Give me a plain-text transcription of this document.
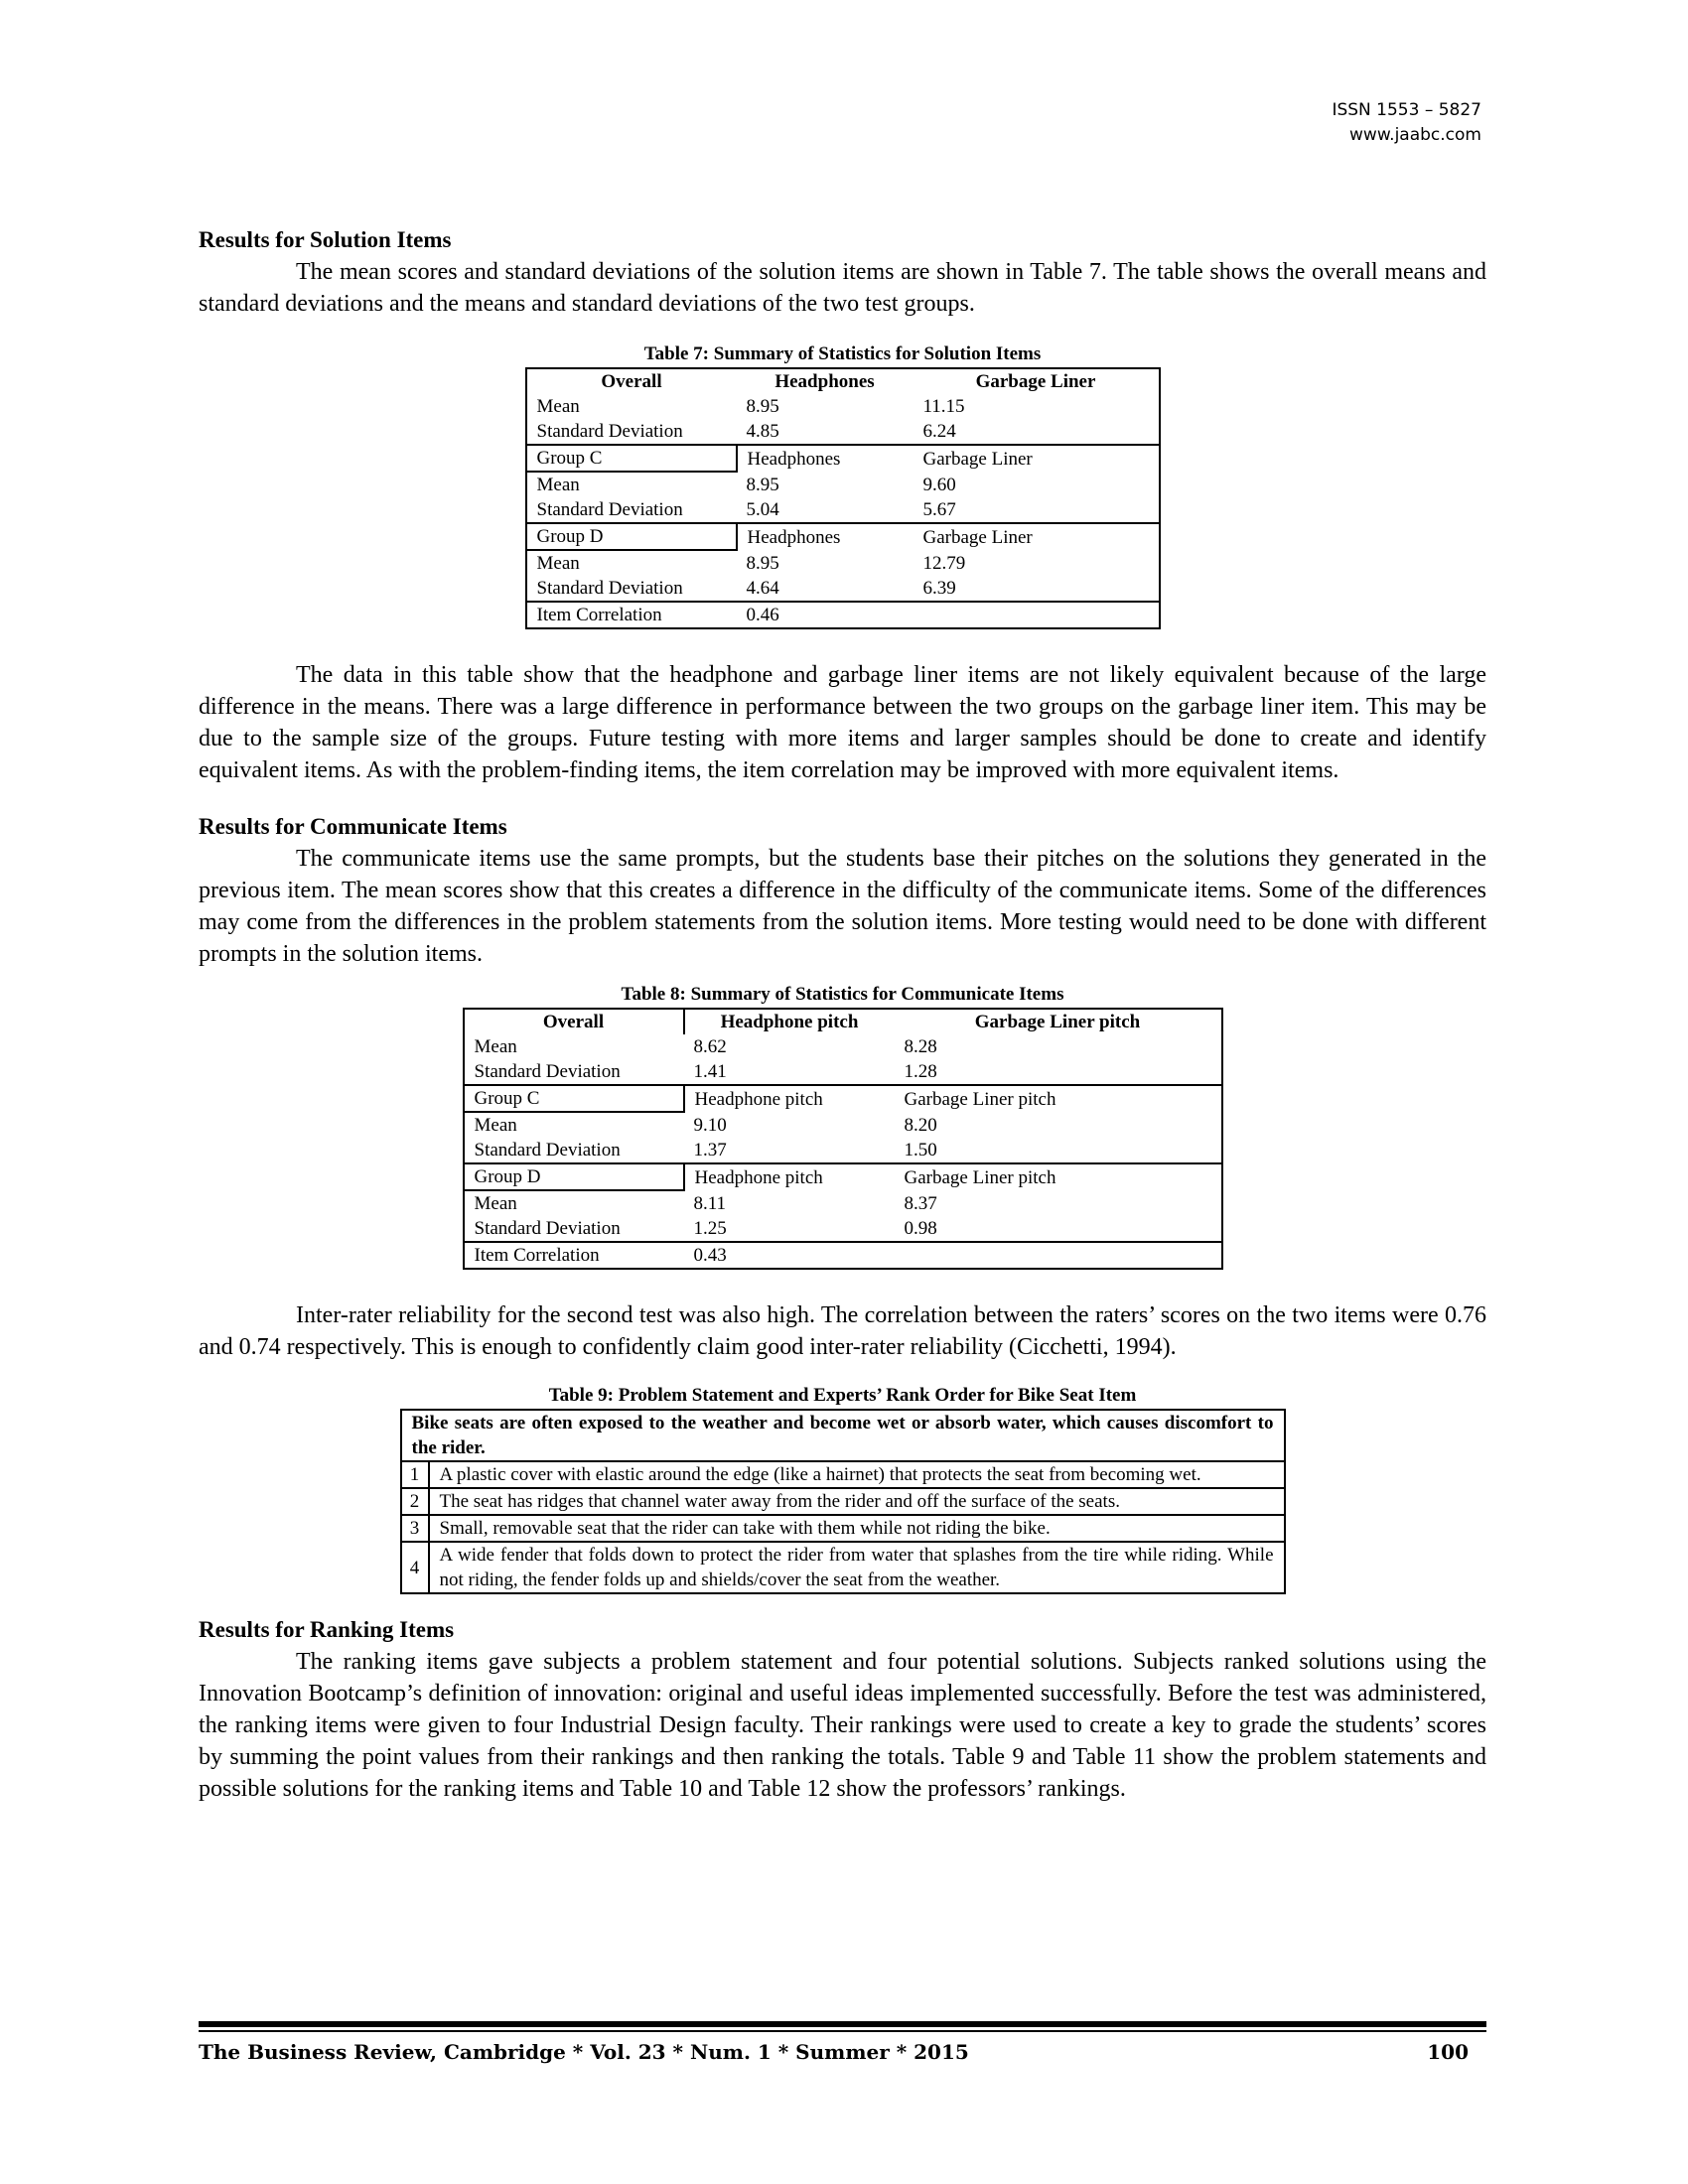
ISSN 1553 – 5827
www.jaabc.com
Results for Solution Items

The mean scores and standard deviations of the solution items are shown in Table 7. The table shows the overall means and standard deviations and the means and standard deviations of the two test groups.

Table 7: Summary of Statistics for Solution Items

Overall	Headphones	Garbage Liner
Mean	8.95	11.15
Standard Deviation	4.85	6.24
Group C	Headphones	Garbage Liner
Mean	8.95	9.60
Standard Deviation	5.04	5.67
Group D	Headphones	Garbage Liner
Mean	8.95	12.79
Standard Deviation	4.64	6.39
Item Correlation	0.46	

The data in this table show that the headphone and garbage liner items are not likely equivalent because of the large difference in the means. There was a large difference in performance between the two groups on the garbage liner item. This may be due to the sample size of the groups. Future testing with more items and larger samples should be done to create and identify equivalent items. As with the problem-finding items, the item correlation may be improved with more equivalent items.

Results for Communicate Items

The communicate items use the same prompts, but the students base their pitches on the solutions they generated in the previous item. The mean scores show that this creates a difference in the difficulty of the communicate items. Some of the differences may come from the differences in the problem statements from the solution items. More testing would need to be done with different prompts in the solution items.

Table 8: Summary of Statistics for Communicate Items

Overall	Headphone pitch	Garbage Liner pitch
Mean	8.62	8.28
Standard Deviation	1.41	1.28
Group C	Headphone pitch	Garbage Liner pitch
Mean	9.10	8.20
Standard Deviation	1.37	1.50
Group D	Headphone pitch	Garbage Liner pitch
Mean	8.11	8.37
Standard Deviation	1.25	0.98
Item Correlation	0.43	

Inter-rater reliability for the second test was also high. The correlation between the raters’ scores on the two items were 0.76 and 0.74 respectively. This is enough to confidently claim good inter-rater reliability (Cicchetti, 1994).

Table 9: Problem Statement and Experts’ Rank Order for Bike Seat Item

Bike seats are often exposed to the weather and become wet or absorb water, which causes discomfort to the rider.	
1	A plastic cover with elastic around the edge (like a hairnet) that protects the seat from becoming wet.
2	The seat has ridges that channel water away from the rider and off the surface of the seats.
3	Small, removable seat that the rider can take with them while not riding the bike.
4	A wide fender that folds down to protect the rider from water that splashes from the tire while riding. While not riding, the fender folds up and shields/cover the seat from the weather.
Results for Ranking Items

The ranking items gave subjects a problem statement and four potential solutions. Subjects ranked solutions using the Innovation Bootcamp’s definition of innovation: original and useful ideas implemented successfully. Before the test was administered, the ranking items were given to four Industrial Design faculty. Their rankings were used to create a key to grade the students’ scores by summing the point values from their rankings and then ranking the totals. Table 9 and Table 11 show the problem statements and possible solutions for the ranking items and Table 10 and Table 12 show the professors’ rankings.

The Business Review, Cambridge * Vol. 23 * Num. 1 * Summer * 2015	100
